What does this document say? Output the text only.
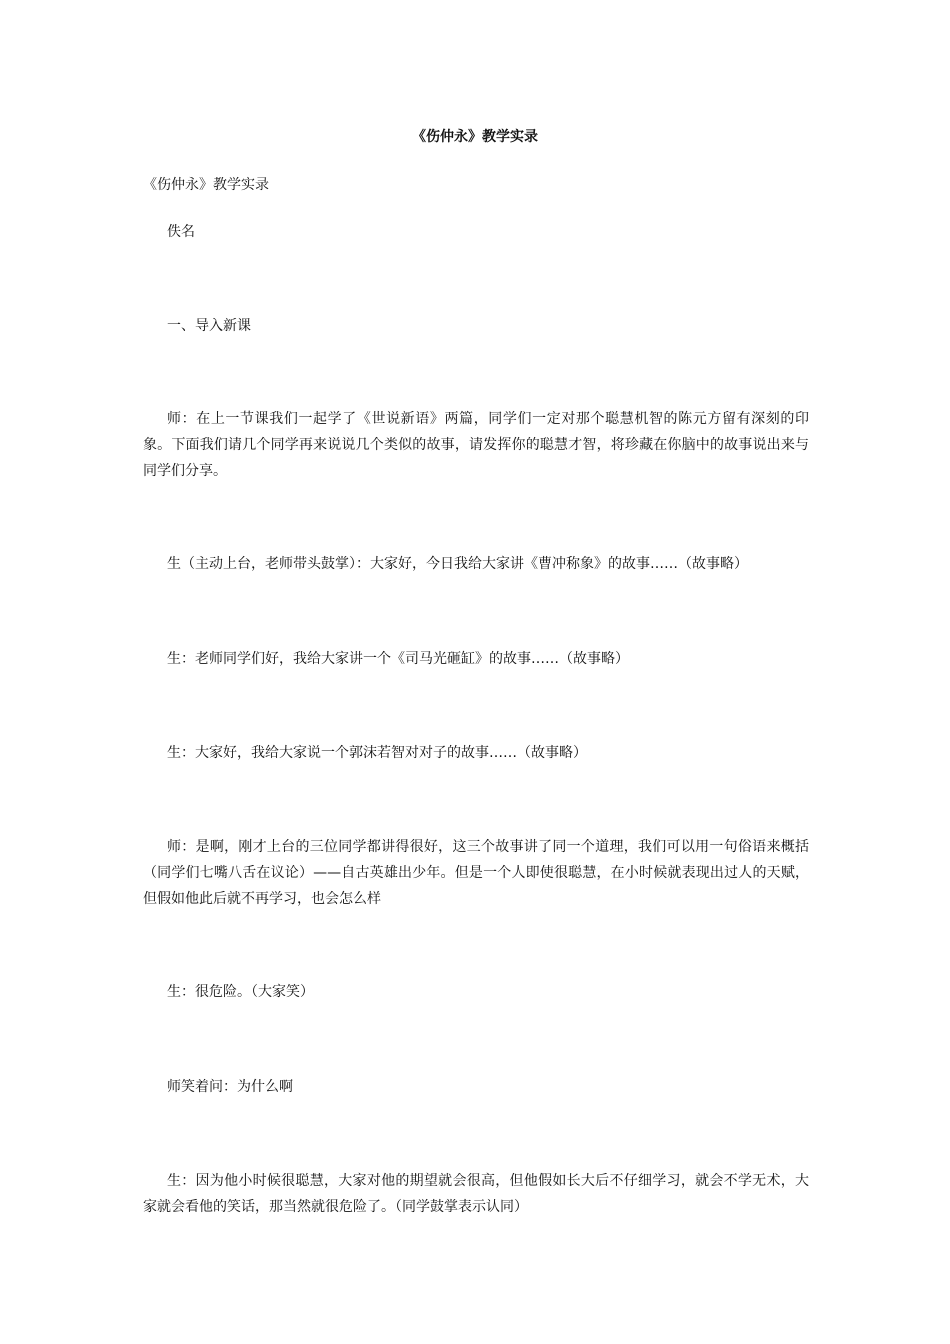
《伤仲永》教学实录
《伤仲永》教学实录
佚名
一、导入新课
师：在上一节课我们一起学了《世说新语》两篇，同学们一定对那个聪慧机智的陈元方留有深刻的印象。下面我们请几个同学再来说说几个类似的故事，请发挥你的聪慧才智，将珍藏在你脑中的故事说出来与同学们分享。
生（主动上台，老师带头鼓掌）：大家好，今日我给大家讲《曹冲称象》的故事……（故事略）
生：老师同学们好，我给大家讲一个《司马光砸缸》的故事……（故事略）
生：大家好，我给大家说一个郭沫若智对对子的故事……（故事略）
师：是啊，刚才上台的三位同学都讲得很好，这三个故事讲了同一个道理，我们可以用一句俗语来概括（同学们七嘴八舌在议论）——自古英雄出少年。但是一个人即使很聪慧，在小时候就表现出过人的天赋，但假如他此后就不再学习，也会怎么样
生：很危险。（大家笑）
师笑着问：为什么啊
生：因为他小时候很聪慧，大家对他的期望就会很高，但他假如长大后不仔细学习，就会不学无术，大家就会看他的笑话，那当然就很危险了。（同学鼓掌表示认同）
